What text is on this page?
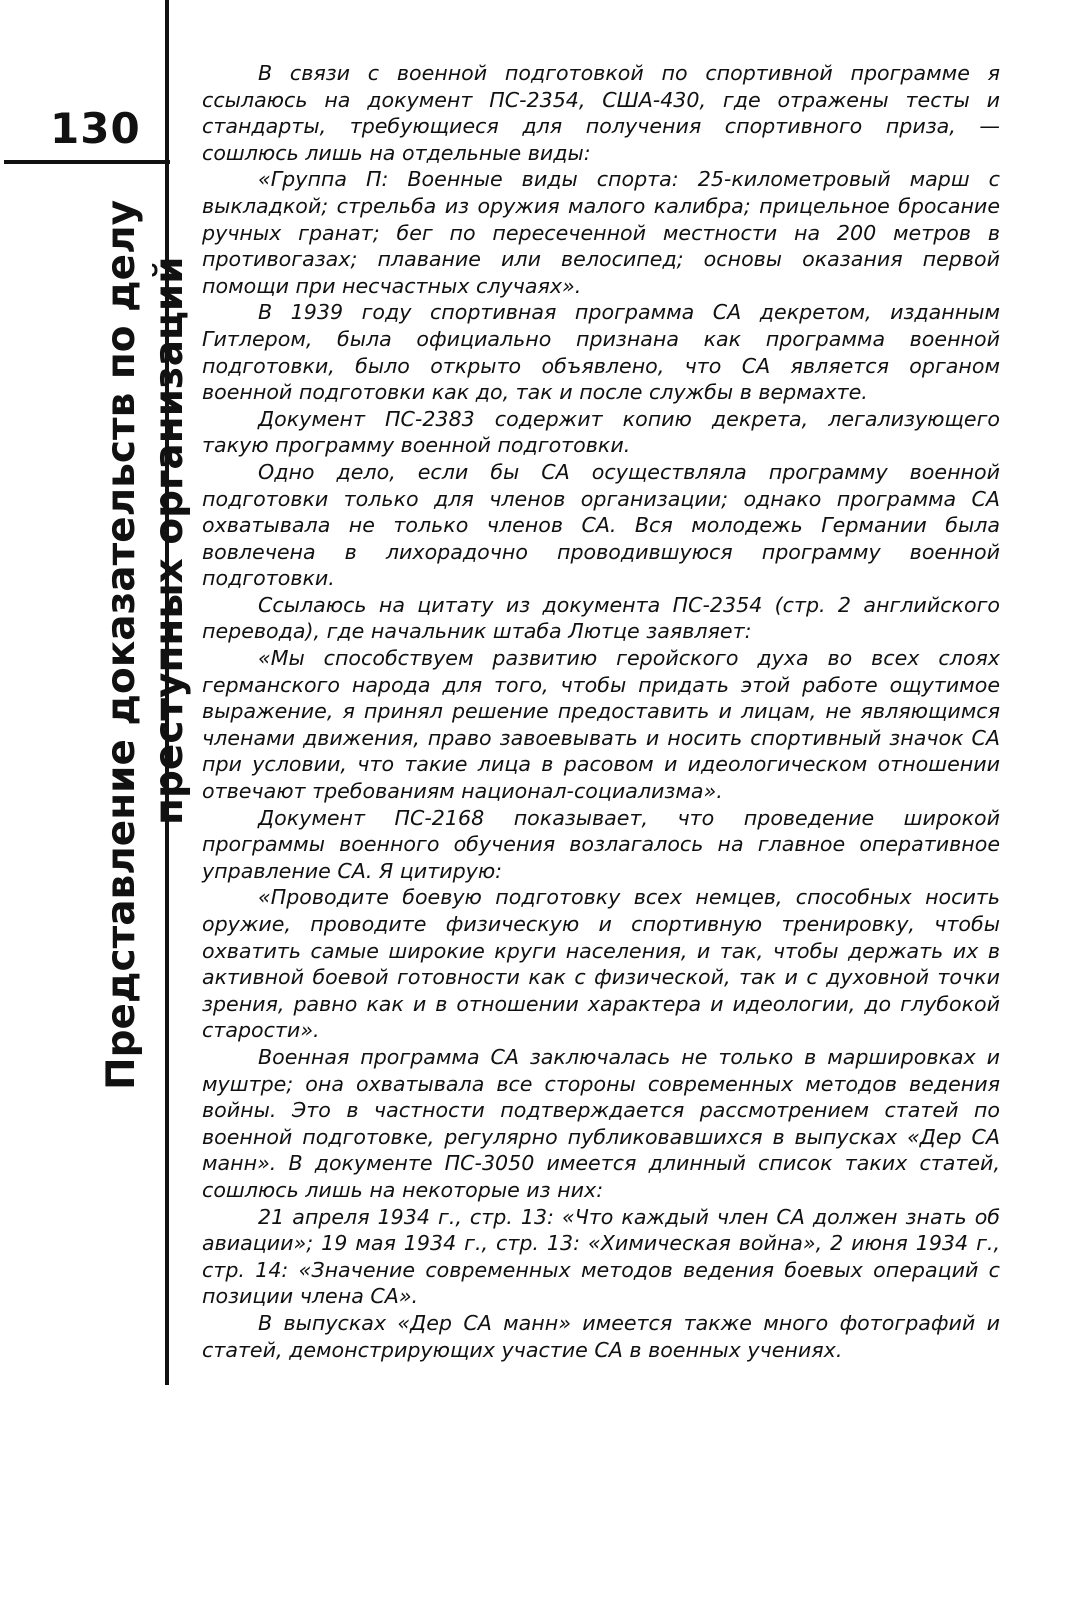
130
Представление доказательств по делу преступных организаций

В связи с военной подготовкой по спортивной программе я ссылаюсь на документ ПС-2354, США-430, где отражены тесты и стандарты, требующиеся для получения спортивного приза, — сошлюсь лишь на отдельные виды:

«Группа П: Военные виды спорта: 25-километровый марш с выкладкой; стрельба из оружия малого калибра; прицельное бросание ручных гранат; бег по пересеченной местности на 200 метров в противогазах; плавание или велосипед; основы оказания первой помощи при несчастных случаях».

В 1939 году спортивная программа СА декретом, изданным Гитлером, была официально признана как программа военной подготовки, было открыто объявлено, что СА является органом военной подготовки как до, так и после службы в вермахте.

Документ ПС-2383 содержит копию декрета, легализующего такую программу военной подготовки.

Одно дело, если бы СА осуществляла программу военной подготовки только для членов организации; однако программа СА охватывала не только членов СА. Вся молодежь Германии была вовлечена в лихорадочно проводившуюся программу военной подготовки.

Ссылаюсь на цитату из документа ПС-2354 (стр. 2 английского перевода), где начальник штаба Лютце заявляет:

«Мы способствуем развитию геройского духа во всех слоях германского народа для того, чтобы придать этой работе ощутимое выражение, я принял решение предоставить и лицам, не являющимся членами движения, право завоевывать и носить спортивный значок СА при условии, что такие лица в расовом и идеологическом отношении отвечают требованиям национал-социализма».

Документ ПС-2168 показывает, что проведение широкой программы военного обучения возлагалось на главное оперативное управление СА. Я цитирую:

«Проводите боевую подготовку всех немцев, способных носить оружие, проводите физическую и спортивную тренировку, чтобы охватить самые широкие круги населения, и так, чтобы держать их в активной боевой готовности как с физической, так и с духовной точки зрения, равно как и в отношении характера и идеологии, до глубокой старости».

Военная программа СА заключалась не только в маршировках и муштре; она охватывала все стороны современных методов ведения войны. Это в частности подтверждается рассмотрением статей по военной подготовке, регулярно публиковавшихся в выпусках «Дер СА манн». В документе ПС-3050 имеется длинный список таких статей, сошлюсь лишь на некоторые из них:

21 апреля 1934 г., стр. 13: «Что каждый член СА должен знать об авиации»; 19 мая 1934 г., стр. 13: «Химическая война», 2 июня 1934 г., стр. 14: «Значение современных методов ведения боевых операций с позиции члена СА».

В выпусках «Дер СА манн» имеется также много фотографий и статей, демонстрирующих участие СА в военных учениях.
